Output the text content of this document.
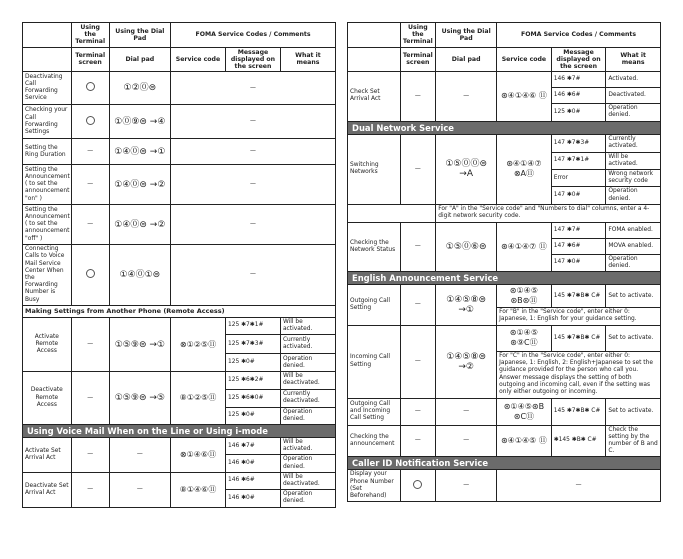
	Using the Terminal	Using the Dial Pad	FOMA Service Codes / Comments		
	Terminal screen	Dial pad	Service code	Message displayed on the screen	What it means
Deactivating Call Forwarding Service		①②⓪⊜	—		
Checking your Call Forwarding Settings		①⓪⑨⊜ →④	—		
Setting the Ring Duration	—	①④⓪⊜ →①	—		
Setting the Announcement ( to set the announcement "on" )	—	①④⓪⊜ →②	—		
Setting the Announcement ( to set the announcement "off" )	—	①④⓪⊜ →②	—		
Connecting Calls to Voice Mail Service Center When the Forwarding Number is Busy		①④⓪①⊜	—		
Making Settings from Another Phone (Remote Access)					
Activate Remote Access	—	①⑤⑨⊜ →①	⊗①②⑤⑪	125 ✱7✱1#	Will be activated.
				125 ✱7✱3#	Currently activated.
				125 ✱0#	Operation denied.
Deactivate Remote Access	—	①⑤⑨⊜ →⑤	⑧①②⑤⑪	125 ✱6✱2#	Will be deactivated.
				125 ✱6✱0#	Currently deactivated.
				125 ✱0#	Operation denied.
Using Voice Mail When on the Line or Using i-mode					
Activate Set Arrival Act	—	—	⊗①④⑥⑪	146 ✱7#	Will be activated.
				146 ✱0#	Operation denied.
Deactivate Set Arrival Act	—	—	⑧①④⑥⑪	146 ✱6#	Will be deactivated.
				146 ✱0#	Operation denied.
	Using the Terminal	Using the Dial Pad	FOMA Service Codes / Comments		
	Terminal screen	Dial pad	Service code	Message displayed on the screen	What it means
Check Set Arrival Act	—	—	⊛④①④⑥ ⑪	146 ✱7#	Activated.
				146 ✱6#	Deactivated.
				125 ✱0#	Operation denied.
Dual Network Service					
Switching Networks	—	①⑤⓪⓪⊜ →A	⊛④①④⑦ ⊗A⑪	147 ✱7✱3#	Currently activated.
				147 ✱7✱1#	Will be activated.
				Error	Wrong network security code
				147 ✱0#	Operation denied.
		For "A" in the "Service code" and "Numbers to dial" columns, enter a 4-digit network security code.			
Checking the Network Status	—	①⑤⓪⑥⊜	⊛④①④⑦ ⑪	147 ✱7#	FOMA enabled.
				147 ✱6#	MOVA enabled.
				147 ✱0#	Operation denied.
English Announcement Service					
Outgoing Call Setting	—	①④⑤⑧⊜ →①	⊛①④⑤ ⊛B⊛⑪	145 ✱7✱B✱ C#	Set to activate.
			For "B" in the "Service code", enter either 0: Japanese, 1: English for your guidance setting.		
Incoming Call Setting	—	①④⑤⑧⊜ →②	⊛①④⑤ ⊛⑨C⑪	145 ✱7✱B✱ C#	Set to activate.
			For "C" in the "Service code", enter either 0: Japanese, 1: English, 2: English+Japanese to set the guidance provided for the person who call you. Answer message displays the setting of both outgoing and incoming call, even if the setting was only either outgoing or incoming.		
Outgoing Call and Incoming Call Setting	—	—	⊛①④⑤⊛B ⊛C⑪	145 ✱7✱B✱ C#	Set to activate.
Checking the announcement	—	—	⊛④①④⑤ ⑪	✱145 ✱B✱ C#	Check the setting by the number of B and C.
Caller ID Notification Service					
Display your Phone Number (Set Beforehand)		—	—		
